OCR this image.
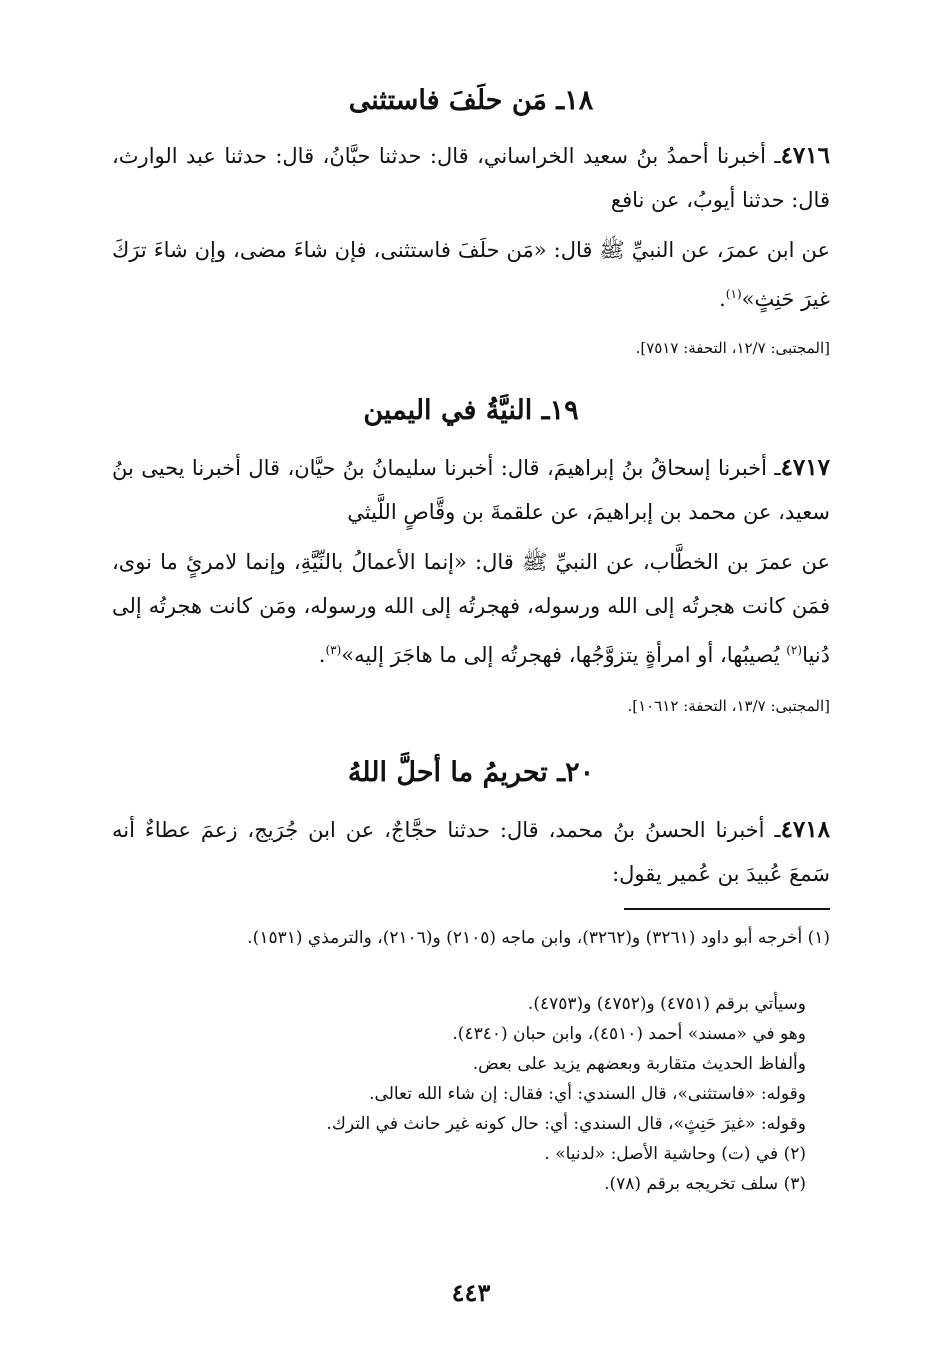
١٨ـ مَن حلَفَ فاستثنى

٤٧١٦ـ أخبرنا أحمدُ بنُ سعيد الخراساني، قال: حدثنا حبَّانُ، قال: حدثنا عبد الوارث، قال: حدثنا أيوبُ، عن نافع

عن ابن عمرَ، عن النبيِّ ﷺ قال: «مَن حلَفَ فاستثنى، فإن شاءَ مضى، وإن شاءَ ترَكَ غيرَ حَنِثٍ»$^{(١)}$.

[المجتبى: ١٢/٧، التحفة: ٧٥١٧].
١٩ـ النيَّةُ في اليمين

٤٧١٧ـ أخبرنا إسحاقُ بنُ إبراهيمَ، قال: أخبرنا سليمانُ بنُ حيَّان، قال أخبرنا يحيى بنُ سعيد، عن محمد بن إبراهيمَ، عن علقمةَ بن وقَّاصٍ اللَّيثي

عن عمرَ بن الخطَّاب، عن النبيِّ ﷺ قال: «إنما الأعمالُ بالنِّيَّةِ، وإنما لامرئٍ ما نوى، فمَن كانت هجرتُه إلى الله ورسوله، فهجرتُه إلى الله ورسوله، ومَن كانت هجرتُه إلى دُنيا$^{(٢)}$ يُصيبُها، أو امرأةٍ يتزوَّجُها، فهجرتُه إلى ما هاجَرَ إليه»$^{(٣)}$.

[المجتبى: ١٣/٧، التحفة: ١٠٦١٢].
٢٠ـ تحريمُ ما أحلَّ اللهُ

٤٧١٨ـ أخبرنا الحسنُ بنُ محمد، قال: حدثنا حجَّاجٌ، عن ابن جُرَيج، زعمَ عطاءٌ أنه سَمعَ عُبيدَ بن عُمير يقول:

(١) أخرجه أبو داود (٣٢٦١) و(٣٢٦٢)، وابن ماجه (٢١٠٥) و(٢١٠٦)، والترمذي (١٥٣١).

وسيأتي برقم (٤٧٥١) و(٤٧٥٢) و(٤٧٥٣).

وهو في «مسند» أحمد (٤٥١٠)، وابن حبان (٤٣٤٠).

وألفاظ الحديث متقاربة وبعضهم يزيد على بعض.

وقوله: «فاستثنى»، قال السندي: أي: فقال: إن شاء الله تعالى.

وقوله: «غيرَ حَنِثٍ»، قال السندي: أي: حال كونه غير حانث في الترك.

(٢) في (ت) وحاشية الأصل: «لدنيا» .

(٣) سلف تخريجه برقم (٧٨).

٤٤٣
